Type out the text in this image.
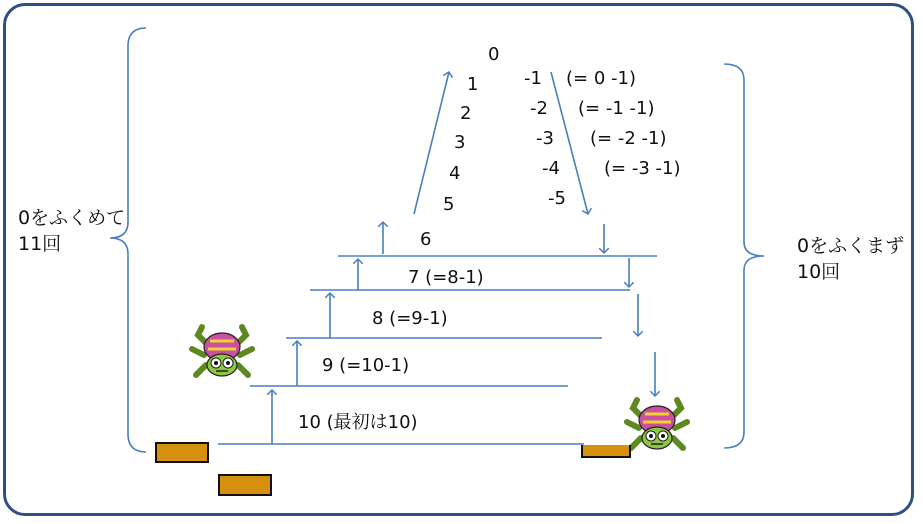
0をふくめて
11回	0をふくまず
10回
0
1
2
3
4
5
6
7 (=8-1)
8 (=9-1)
9 (=10-1)
10 (最初は10)
-1
-2
-3
-4
-5
(= 0 -1)
(= -1 -1)
(= -2 -1)
(= -3 -1)
